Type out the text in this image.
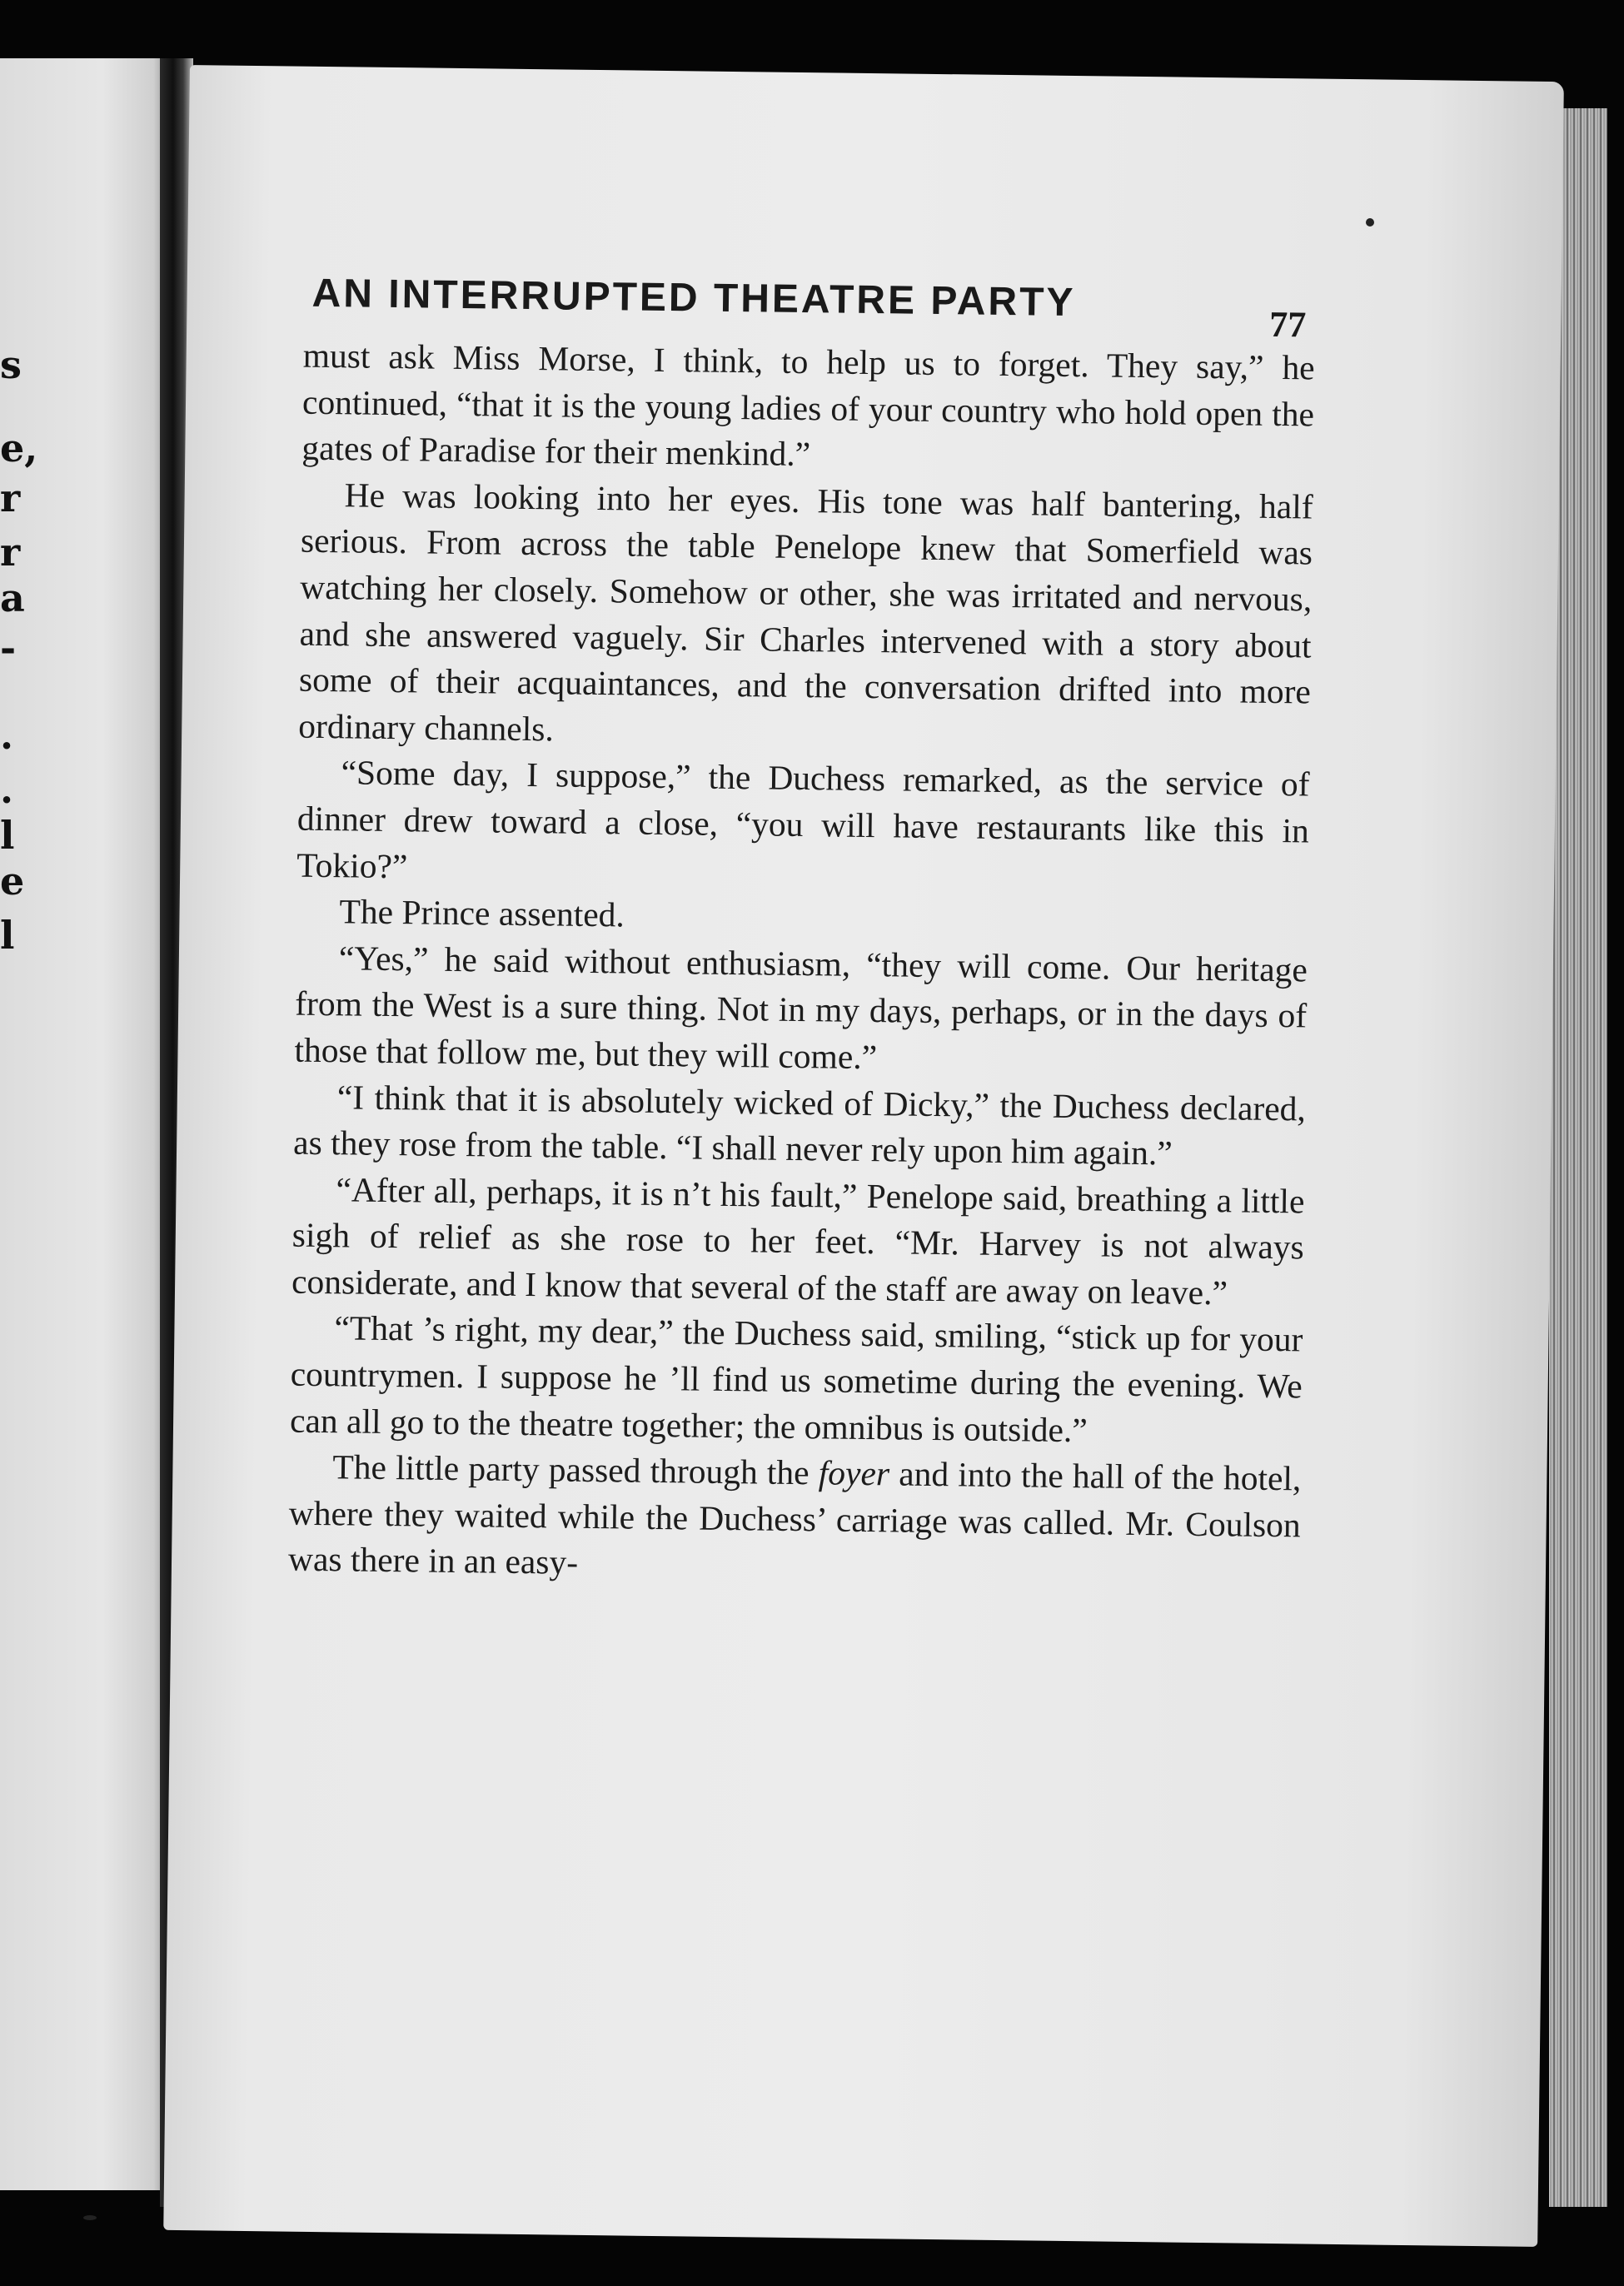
s
e,
r
r
a
-
.
.
l
e
l
AN INTERRUPTED THEATRE PARTY	77

must ask Miss Morse, I think, to help us to forget. They say,” he continued, “that it is the young ladies of your country who hold open the gates of Paradise for their menkind.”

He was looking into her eyes. His tone was half bantering, half serious. From across the table Penelope knew that Somerfield was watching her closely. Somehow or other, she was irritated and nervous, and she answered vaguely. Sir Charles intervened with a story about some of their acquaintances, and the conversation drifted into more ordinary channels.

“Some day, I suppose,” the Duchess remarked, as the service of dinner drew toward a close, “you will have restaurants like this in Tokio?”

The Prince assented.

“Yes,” he said without enthusiasm, “they will come. Our heritage from the West is a sure thing. Not in my days, perhaps, or in the days of those that follow me, but they will come.”

“I think that it is absolutely wicked of Dicky,” the Duchess declared, as they rose from the table. “I shall never rely upon him again.”

“After all, perhaps, it is n’t his fault,” Penelope said, breathing a little sigh of relief as she rose to her feet. “Mr. Harvey is not always considerate, and I know that several of the staff are away on leave.”

“That ’s right, my dear,” the Duchess said, smiling, “stick up for your countrymen. I suppose he ’ll find us sometime during the evening. We can all go to the theatre together; the omnibus is outside.”

The little party passed through the foyer and into the hall of the hotel, where they waited while the Duchess’ carriage was called. Mr. Coulson was there in an easy-
